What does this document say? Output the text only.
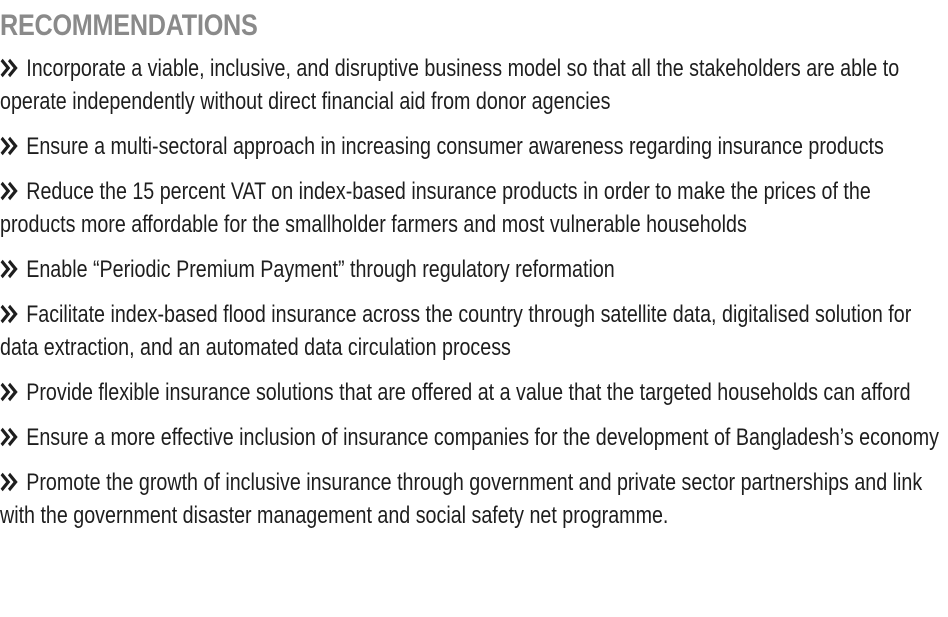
RECOMMENDATIONS
Incorporate a viable, inclusive, and disruptive business model so that all the stakeholders are able to operate independently without direct financial aid from donor agencies
Ensure a multi-sectoral approach in increasing consumer awareness regarding insurance products
Reduce the 15 percent VAT on index-based insurance products in order to make the prices of the products more affordable for the smallholder farmers and most vulnerable households
Enable “Periodic Premium Payment” through regulatory reformation
Facilitate index-based flood insurance across the country through satellite data, digitalised solution for data extraction, and an automated data circulation process
Provide flexible insurance solutions that are offered at a value that the targeted households can afford
Ensure a more effective inclusion of insurance companies for the development of Bangladesh’s economy
Promote the growth of inclusive insurance through government and private sector partnerships and link with the government disaster management and social safety net programme.
